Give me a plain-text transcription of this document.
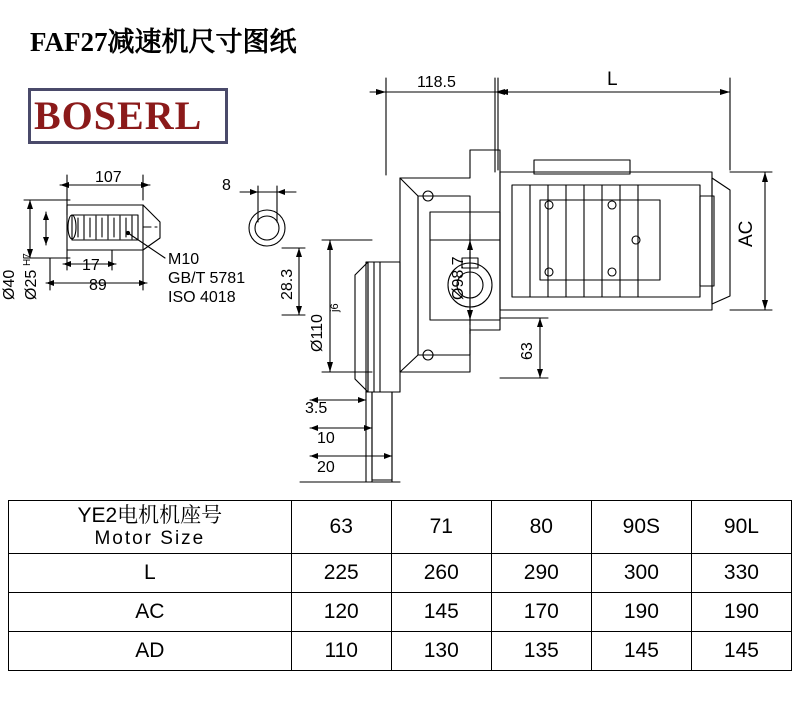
FAF27减速机尺寸图纸
BOSERL
118.5	L
AC
107	8
17
89
Ø40 Ø25
H7	M10
GB/T 5781
ISO 4018	28.3	Ø98.7
Ø110
j6
63
3.5
10
20
YE2电机机座号
Motor Size	63	71	80	90S	90L
L	225	260	290	300	330
AC	120	145	170	190	190
AD	110	130	135	145	145
